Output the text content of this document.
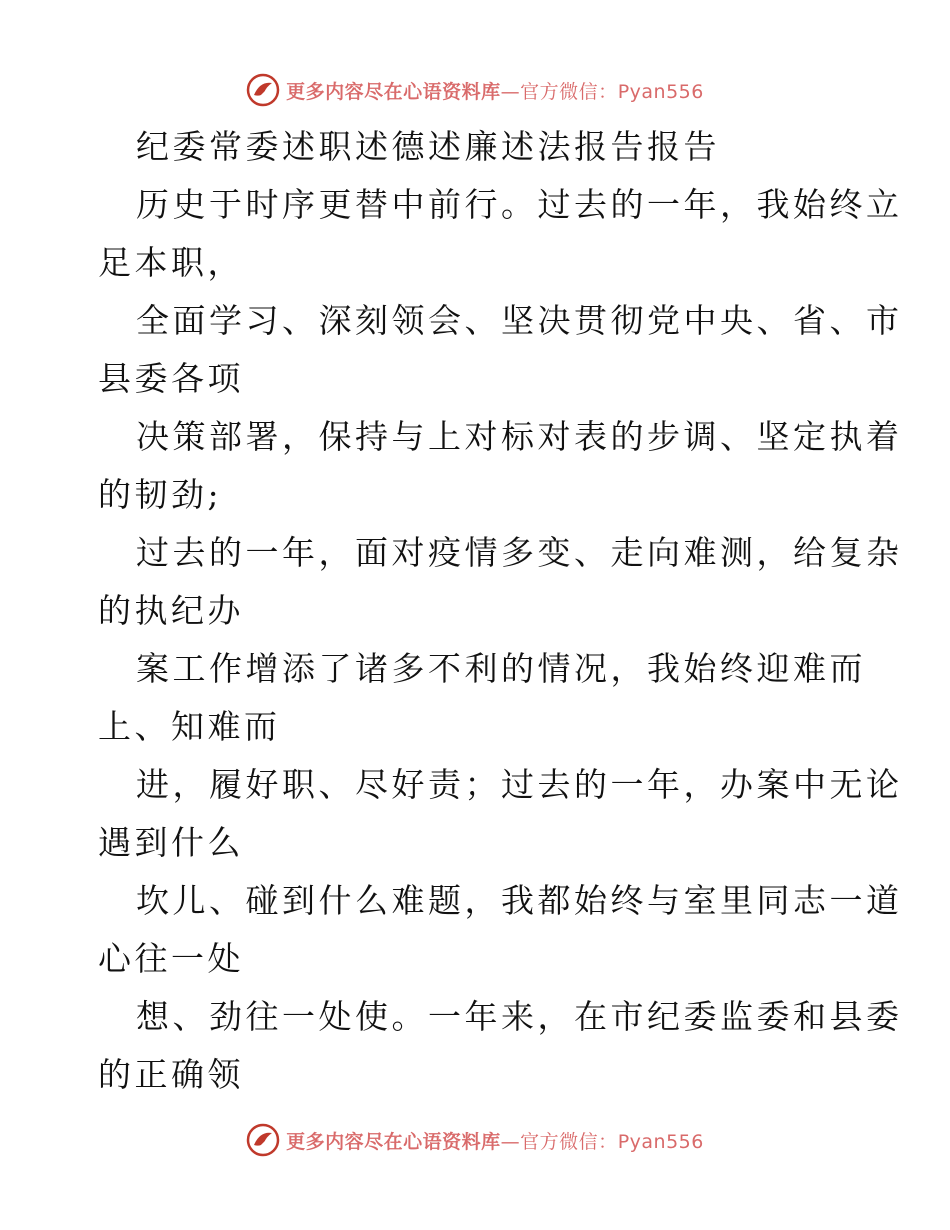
更多内容尽在心语资料库—官方微信：Pyan556
纪委常委述职述德述廉述法报告报告
历史于时序更替中前行。过去的一年，我始终立
足本职，
全面学习、深刻领会、坚决贯彻党中央、省、市
县委各项
决策部署，保持与上对标对表的步调、坚定执着
的韧劲;
过去的一年，面对疫情多变、走向难测，给复杂
的执纪办
案工作增添了诸多不利的情况，我始终迎难而
上、知难而
进，履好职、尽好责；过去的一年，办案中无论
遇到什么
坎儿、碰到什么难题，我都始终与室里同志一道
心往一处
想、劲往一处使。一年来，在市纪委监委和县委
的正确领
更多内容尽在心语资料库—官方微信：Pyan556
